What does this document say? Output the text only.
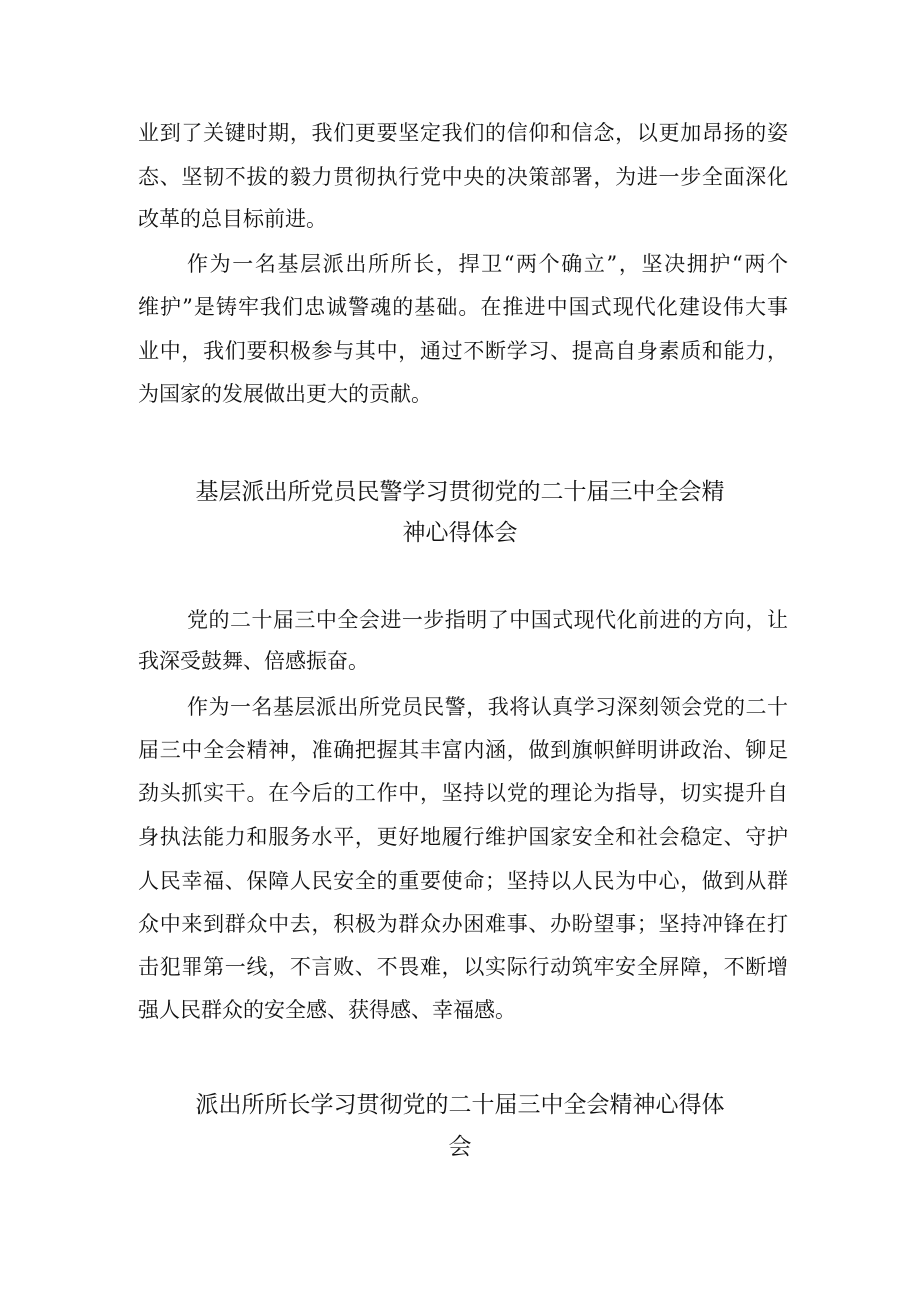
业到了关键时期，我们更要坚定我们的信仰和信念，以更加昂扬的姿

态、坚韧不拔的毅力贯彻执行党中央的决策部署，为进一步全面深化

改革的总目标前进。

作为一名基层派出所所长，捍卫“两个确立”，坚决拥护“两个

维护”是铸牢我们忠诚警魂的基础。在推进中国式现代化建设伟大事

业中，我们要积极参与其中，通过不断学习、提高自身素质和能力，

为国家的发展做出更大的贡献。

基层派出所党员民警学习贯彻党的二十届三中全会精
神心得体会

党的二十届三中全会进一步指明了中国式现代化前进的方向，让

我深受鼓舞、倍感振奋。

作为一名基层派出所党员民警，我将认真学习深刻领会党的二十

届三中全会精神，准确把握其丰富内涵，做到旗帜鲜明讲政治、铆足

劲头抓实干。在今后的工作中，坚持以党的理论为指导，切实提升自

身执法能力和服务水平，更好地履行维护国家安全和社会稳定、守护

人民幸福、保障人民安全的重要使命；坚持以人民为中心，做到从群

众中来到群众中去，积极为群众办困难事、办盼望事；坚持冲锋在打

击犯罪第一线，不言败、不畏难，以实际行动筑牢安全屏障，不断增

强人民群众的安全感、获得感、幸福感。

派出所所长学习贯彻党的二十届三中全会精神心得体
会
